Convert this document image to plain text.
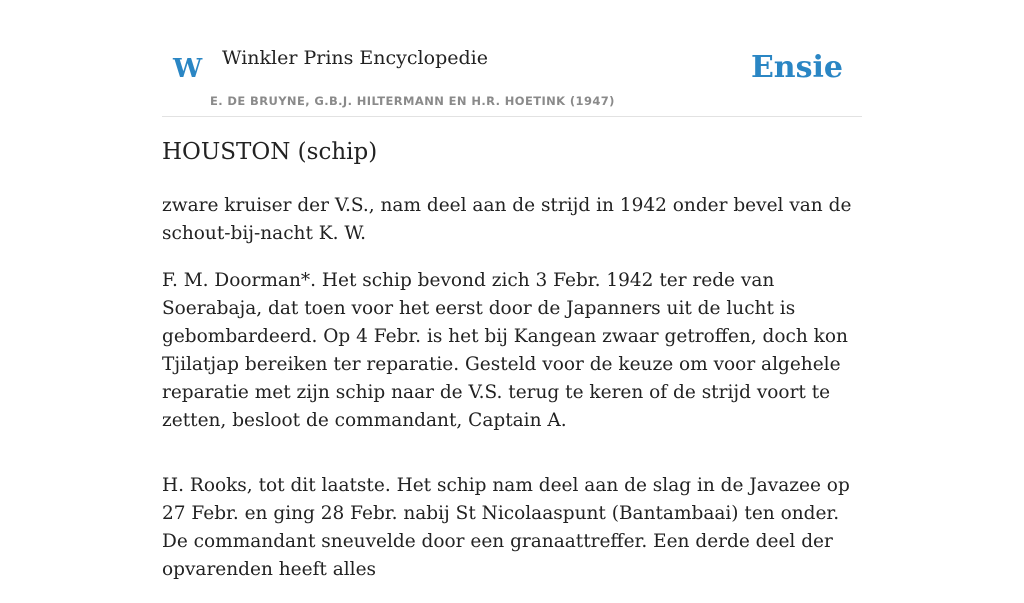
W Winkler Prins Encyclopedie
E. DE BRUYNE, G.B.J. HILTERMANN EN H.R. HOETINK (1947)
Ensie
HOUSTON (schip)

zware kruiser der V.S., nam deel aan de strijd in 1942 onder bevel van de schout-bij-nacht K. W.

F. M. Doorman*. Het schip bevond zich 3 Febr. 1942 ter rede van Soerabaja, dat toen voor het eerst door de Japanners uit de lucht is gebombardeerd. Op 4 Febr. is het bij Kangean zwaar getroffen, doch kon Tjilatjap bereiken ter reparatie. Gesteld voor de keuze om voor algehele reparatie met zijn schip naar de V.S. terug te keren of de strijd voort te zetten, besloot de commandant, Captain A.

H. Rooks, tot dit laatste. Het schip nam deel aan de slag in de Javazee op 27 Febr. en ging 28 Febr. nabij St Nicolaaspunt (Bantambaai) ten onder. De commandant sneuvelde door een granaattreffer. Een derde deel der opvarenden heeft alles
